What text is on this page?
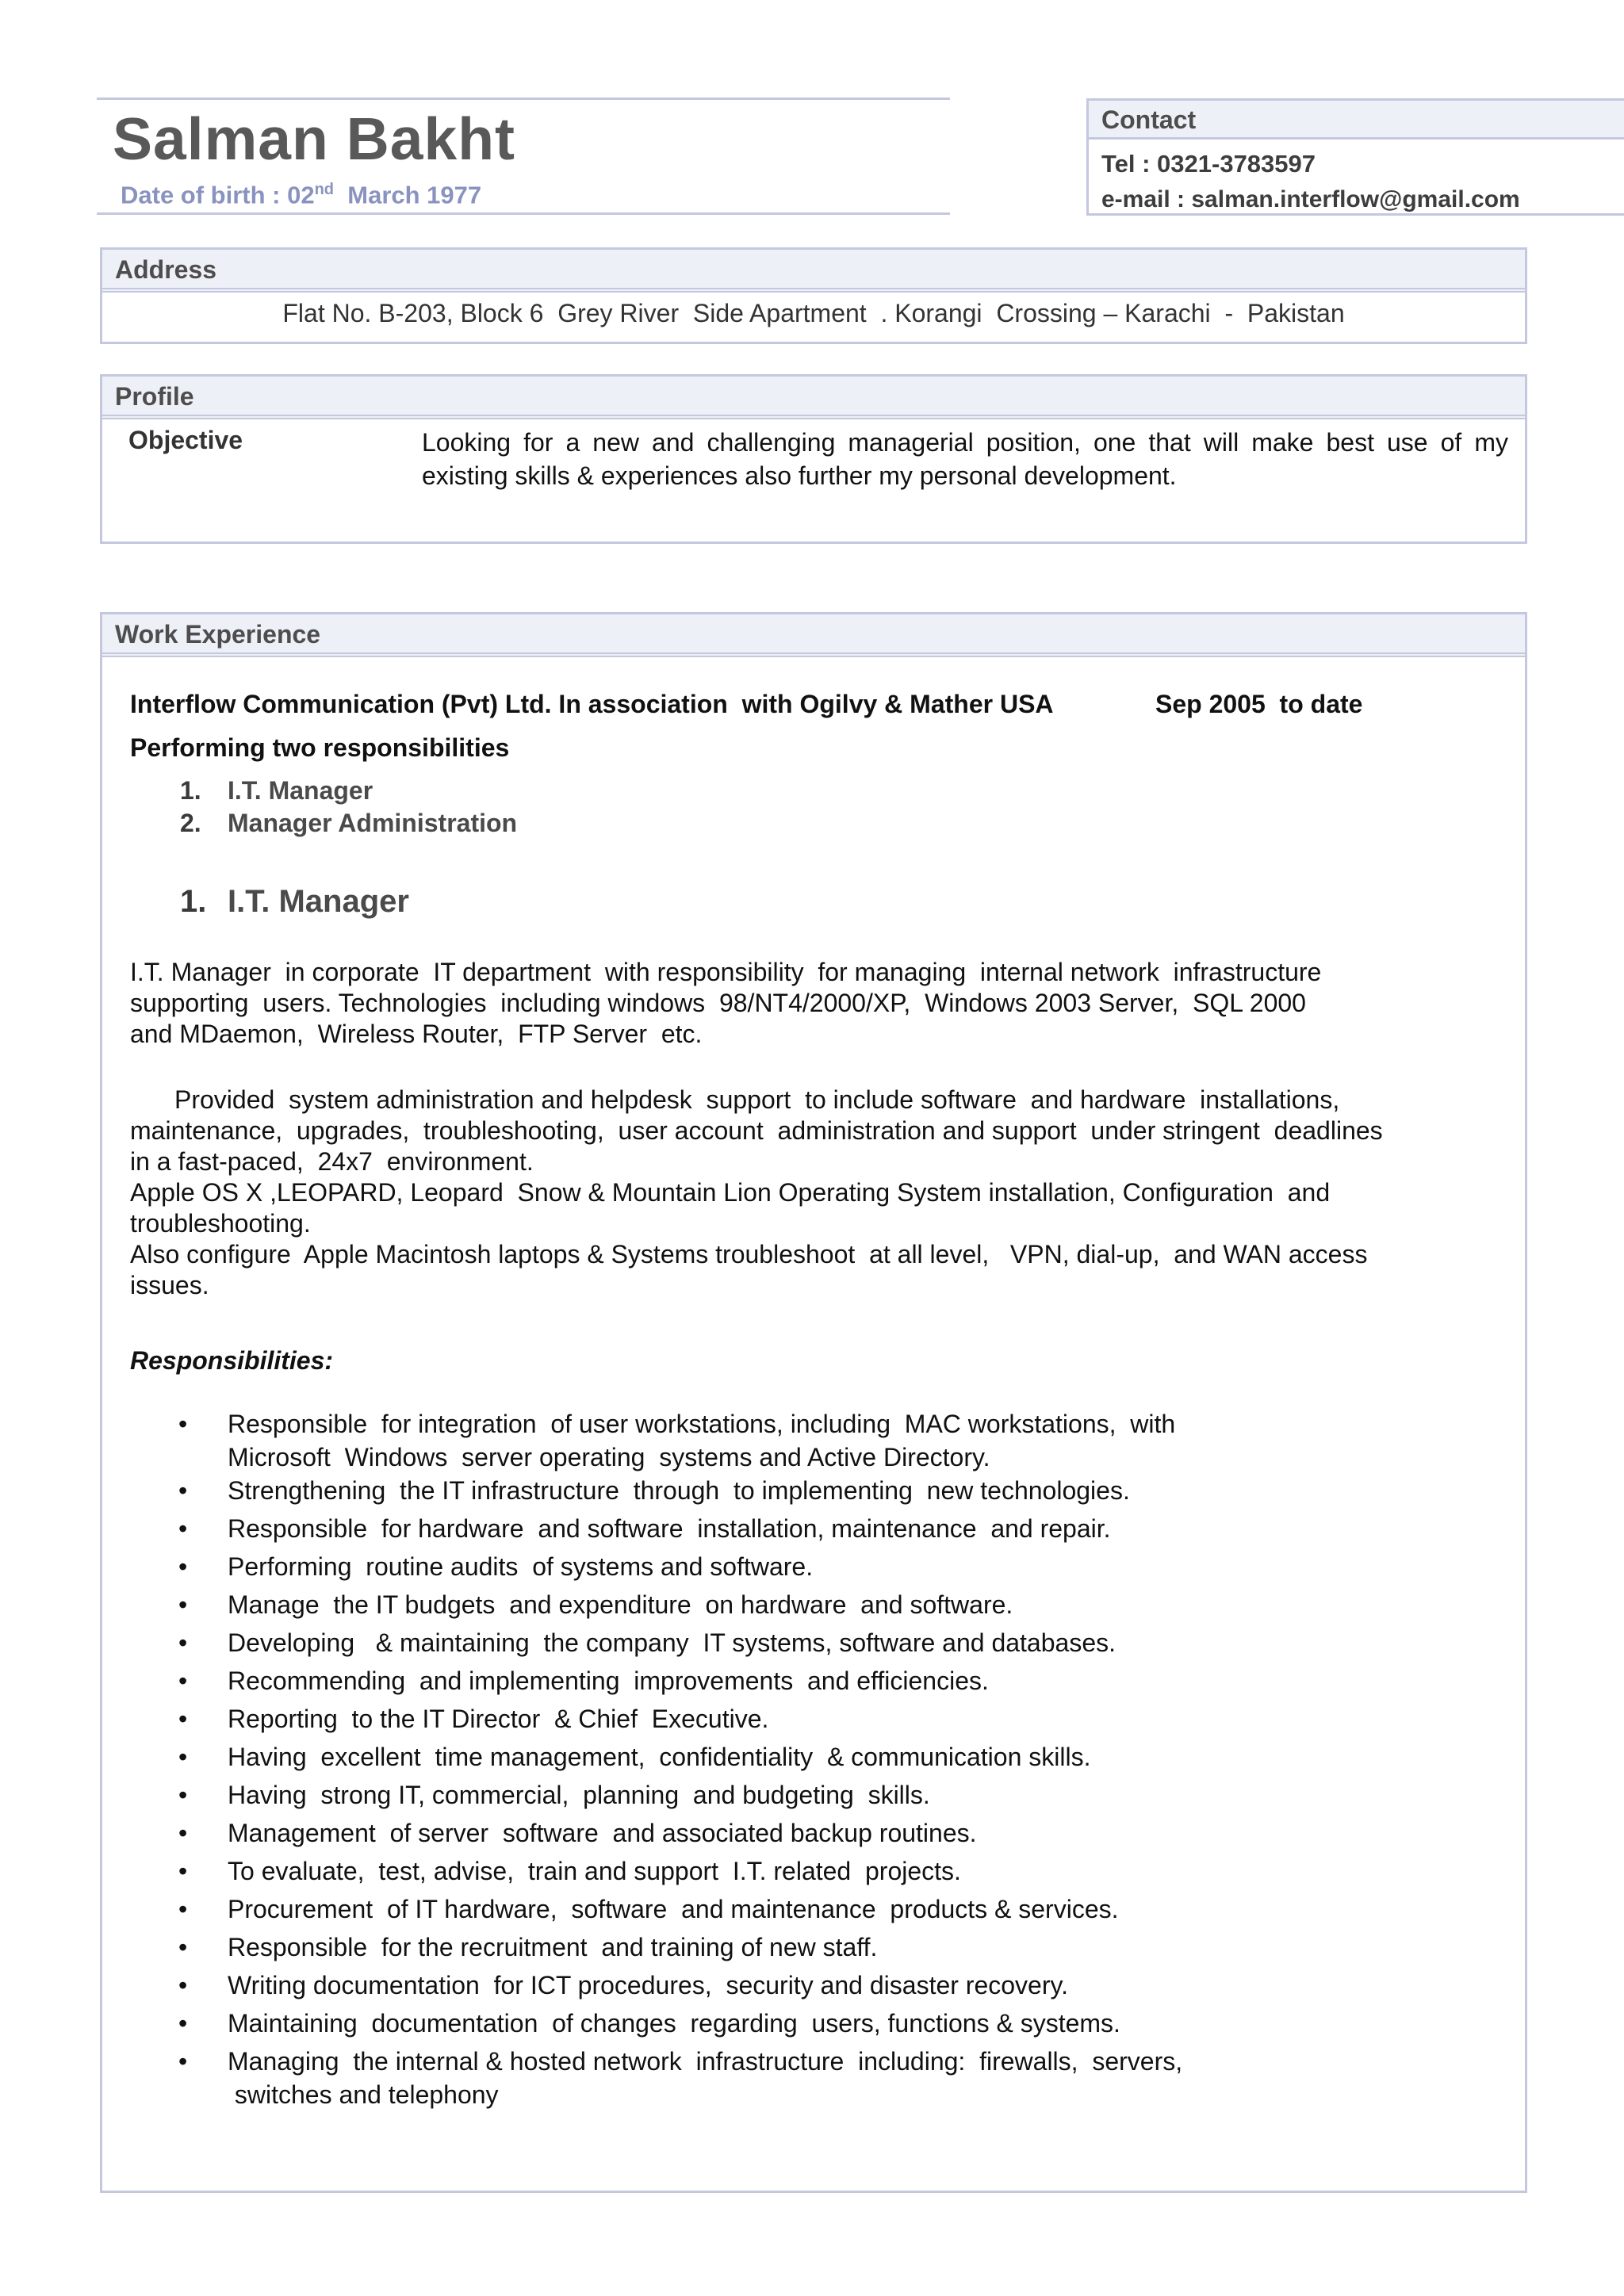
Salman Bakht
Date of birth : 02nd  March 1977
Contact
Tel : 0321-3783597
e-mail : salman.interflow@gmail.com
Address
Flat No. B-203, Block 6  Grey River  Side Apartment  . Korangi  Crossing – Karachi  -  Pakistan
Profile
Objective	Looking for a new and challenging managerial position, one that will make best use of my existing skills & experiences also further my personal development.
Work Experience
Interflow Communication (Pvt) Ltd. In association  with Ogilvy & Mather USA	Sep 2005  to date
Performing two responsibilities
1. I.T. Manager
2. Manager Administration
1. I.T. Manager
I.T. Manager  in corporate  IT department  with responsibility  for managing  internal network  infrastructure
supporting  users. Technologies  including windows  98/NT4/2000/XP,  Windows 2003 Server,  SQL 2000
and MDaemon,  Wireless Router,  FTP Server  etc.
Provided  system administration and helpdesk  support  to include software  and hardware  installations,
maintenance,  upgrades,  troubleshooting,  user account  administration and support  under stringent  deadlines
in a fast-paced,  24x7  environment.
Apple OS X ,LEOPARD, Leopard  Snow & Mountain Lion Operating System installation, Configuration  and
troubleshooting.
Also configure  Apple Macintosh laptops & Systems troubleshoot  at all level,   VPN, dial-up,  and WAN access
issues.
Responsibilities:
• Responsible  for integration  of user workstations, including  MAC workstations,  with
Microsoft  Windows  server operating  systems and Active Directory.
• Strengthening  the IT infrastructure  through  to implementing  new technologies.
• Responsible  for hardware  and software  installation, maintenance  and repair.
• Performing  routine audits  of systems and software.
• Manage  the IT budgets  and expenditure  on hardware  and software.
• Developing   & maintaining  the company  IT systems, software and databases.
• Recommending  and implementing  improvements  and efficiencies.
• Reporting  to the IT Director  & Chief  Executive.
• Having  excellent  time management,  confidentiality  & communication skills.
• Having  strong IT, commercial,  planning  and budgeting  skills.
• Management  of server  software  and associated backup routines.
• To evaluate,  test, advise,  train and support  I.T. related  projects.
• Procurement  of IT hardware,  software  and maintenance  products & services.
• Responsible  for the recruitment  and training of new staff.
• Writing documentation  for ICT procedures,  security and disaster recovery.
• Maintaining  documentation  of changes  regarding  users, functions & systems.
• Managing  the internal & hosted network  infrastructure  including:  firewalls,  servers,
switches and telephony
